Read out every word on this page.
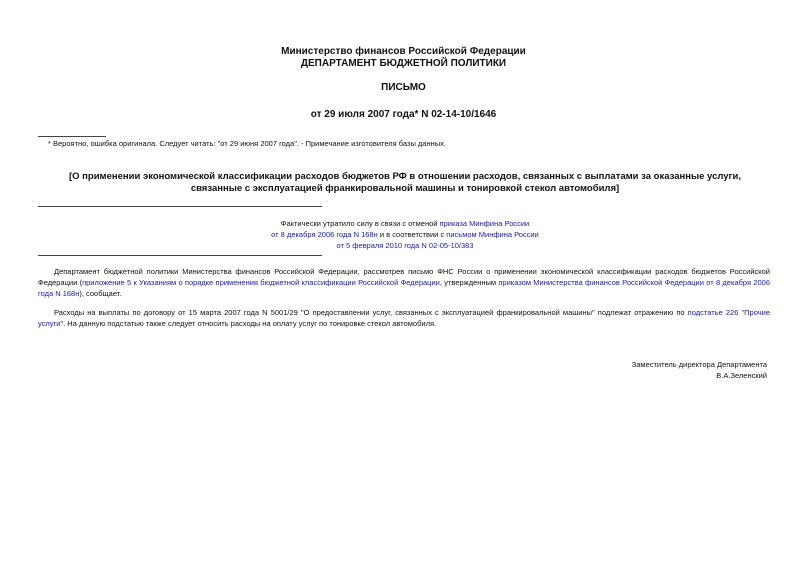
Министерство финансов Российской Федерации
ДЕПАРТАМЕНТ БЮДЖЕТНОЙ ПОЛИТИКИ
ПИСЬМО
от 29 июля 2007 года* N 02-14-10/1646
* Вероятно, ошибка оригинала. Следует читать: "от 29 июня 2007 года". - Примечание изготовителя базы данных.
[О применении экономической классификации расходов бюджетов РФ в отношении расходов, связанных с выплатами за оказанные услуги, связанные с эксплуатацией франкировальной машины и тонировкой стекол автомобиля]
Фактически утратило силу в связи с отменой приказа Минфина России
от 8 декабря 2006 года N 168н и в соответствии с письмом Минфина России
от 5 февраля 2010 года N 02-05-10/383
Департамент бюджетной политики Министерства финансов Российской Федерации, рассмотрев письмо ФНС России о применении экономической классификации расходов бюджетов Российской Федерации (приложение 5 к Указаниям о порядке применения бюджетной классификации Российской Федерации, утвержденным приказом Министерства финансов Российской Федерации от 8 декабря 2006 года N 168н), сообщает.
Расходы на выплаты по договору от 15 марта 2007 года N 5001/29 "О предоставлении услуг, связанных с эксплуатацией франкировальной машины" подлежат отражению по подстатье 226 "Прочие услуги". На данную подстатью также следует относить расходы на оплату услуг по тонировке стекол автомобиля.
Заместитель директора Департамента
В.А.Зеленский
